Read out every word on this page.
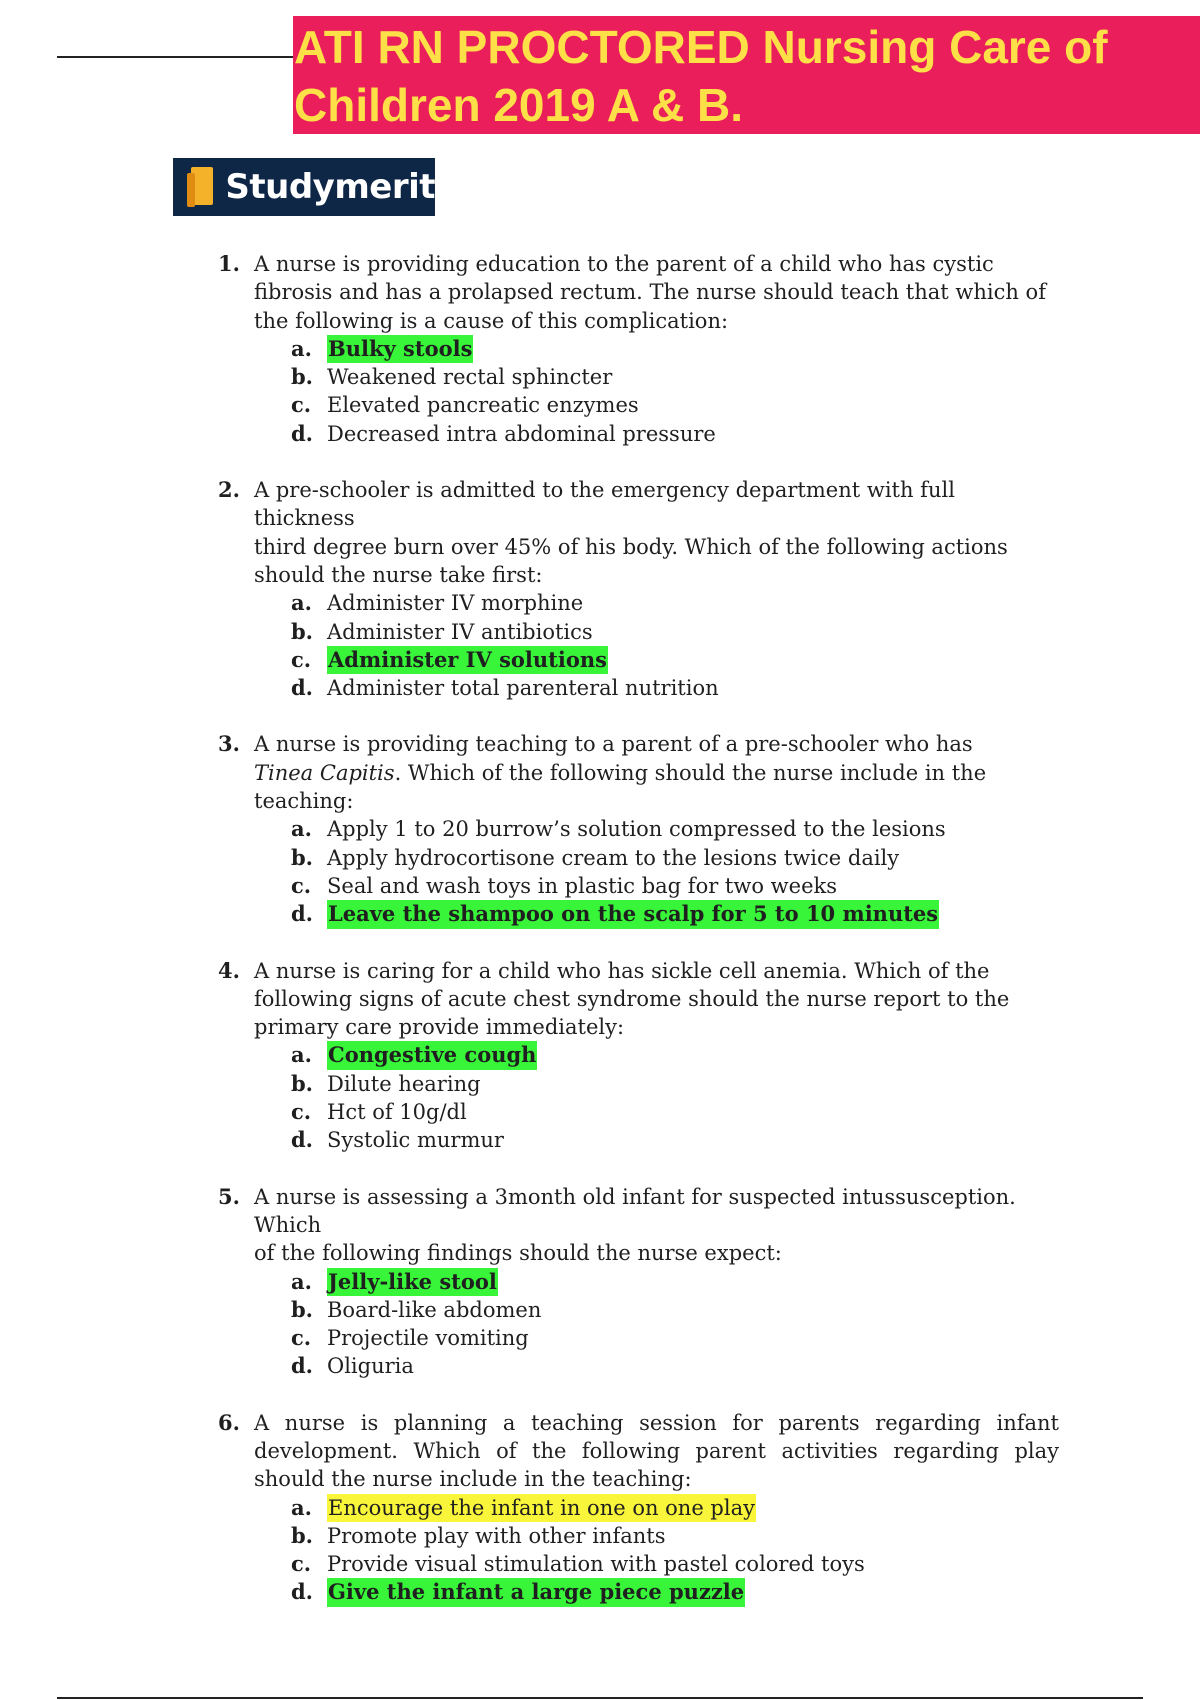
ATI RN PROCTORED Nursing Care of
Children 2019 A & B.
Studymerit
1. A nurse is providing education to the parent of a child who has cystic
fibrosis and has a prolapsed rectum. The nurse should teach that which of
the following is a cause of this complication:
a. Bulky stools
b. Weakened rectal sphincter
c. Elevated pancreatic enzymes
d. Decreased intra abdominal pressure
2. A pre-schooler is admitted to the emergency department with full thickness
third degree burn over 45% of his body. Which of the following actions
should the nurse take first:
a. Administer IV morphine
b. Administer IV antibiotics
c. Administer IV solutions
d. Administer total parenteral nutrition
3. A nurse is providing teaching to a parent of a pre-schooler who has
Tinea Capitis. Which of the following should the nurse include in the
teaching:
a. Apply 1 to 20 burrow’s solution compressed to the lesions
b. Apply hydrocortisone cream to the lesions twice daily
c. Seal and wash toys in plastic bag for two weeks
d. Leave the shampoo on the scalp for 5 to 10 minutes
4. A nurse is caring for a child who has sickle cell anemia. Which of the
following signs of acute chest syndrome should the nurse report to the
primary care provide immediately:
a. Congestive cough
b. Dilute hearing
c. Hct of 10g/dl
d. Systolic murmur
5. A nurse is assessing a 3month old infant for suspected intussusception. Which
of the following findings should the nurse expect:
a. Jelly-like stool
b. Board-like abdomen
c. Projectile vomiting
d. Oliguria
6. A nurse is planning a teaching session for parents regarding infant development. Which of the following parent activities regarding play should the nurse include in the teaching:
a. Encourage the infant in one on one play
b. Promote play with other infants
c. Provide visual stimulation with pastel colored toys
d. Give the infant a large piece puzzle
